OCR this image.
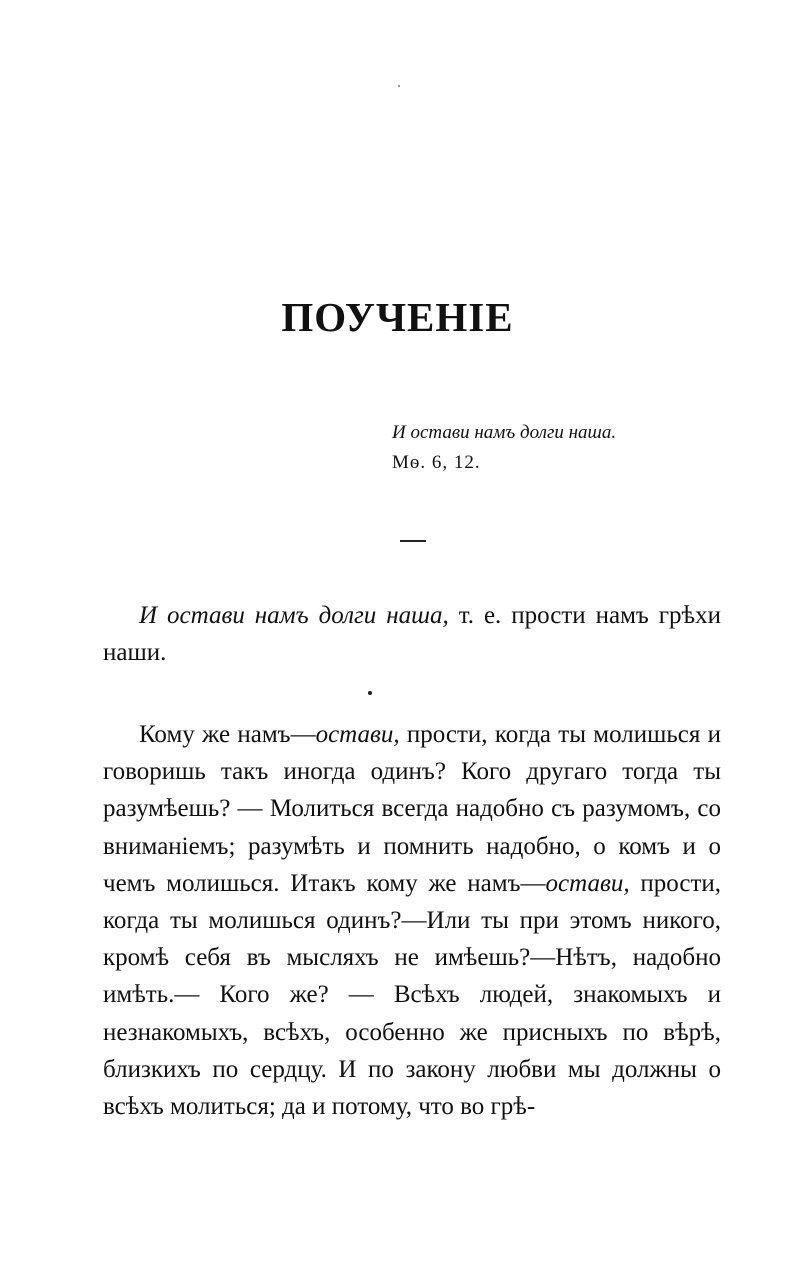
ПОУЧЕНІЕ
И остави намъ долги наша.
Мѳ. 6, 12.

И остави намъ долги наша, т. е. прости намъ грѣхи наши.

Кому же намъ—остави, прости, когда ты молишься и говоришь такъ иногда одинъ? Кого другаго тогда ты разумѣешь? — Молиться всегда надобно съ разумомъ, со вниманіемъ; разумѣть и помнить надобно, о комъ и о чемъ молишься. Итакъ кому же намъ—остави, прости, когда ты молишься одинъ?—Или ты при этомъ никого, кромѣ себя въ мысляхъ не имѣешь?—Нѣтъ, надобно имѣть.— Кого же? — Всѣхъ людей, знакомыхъ и незнакомыхъ, всѣхъ, особенно же присныхъ по вѣрѣ, близкихъ по сердцу. И по закону любви мы должны о всѣхъ молиться; да и потому, что во грѣ-
